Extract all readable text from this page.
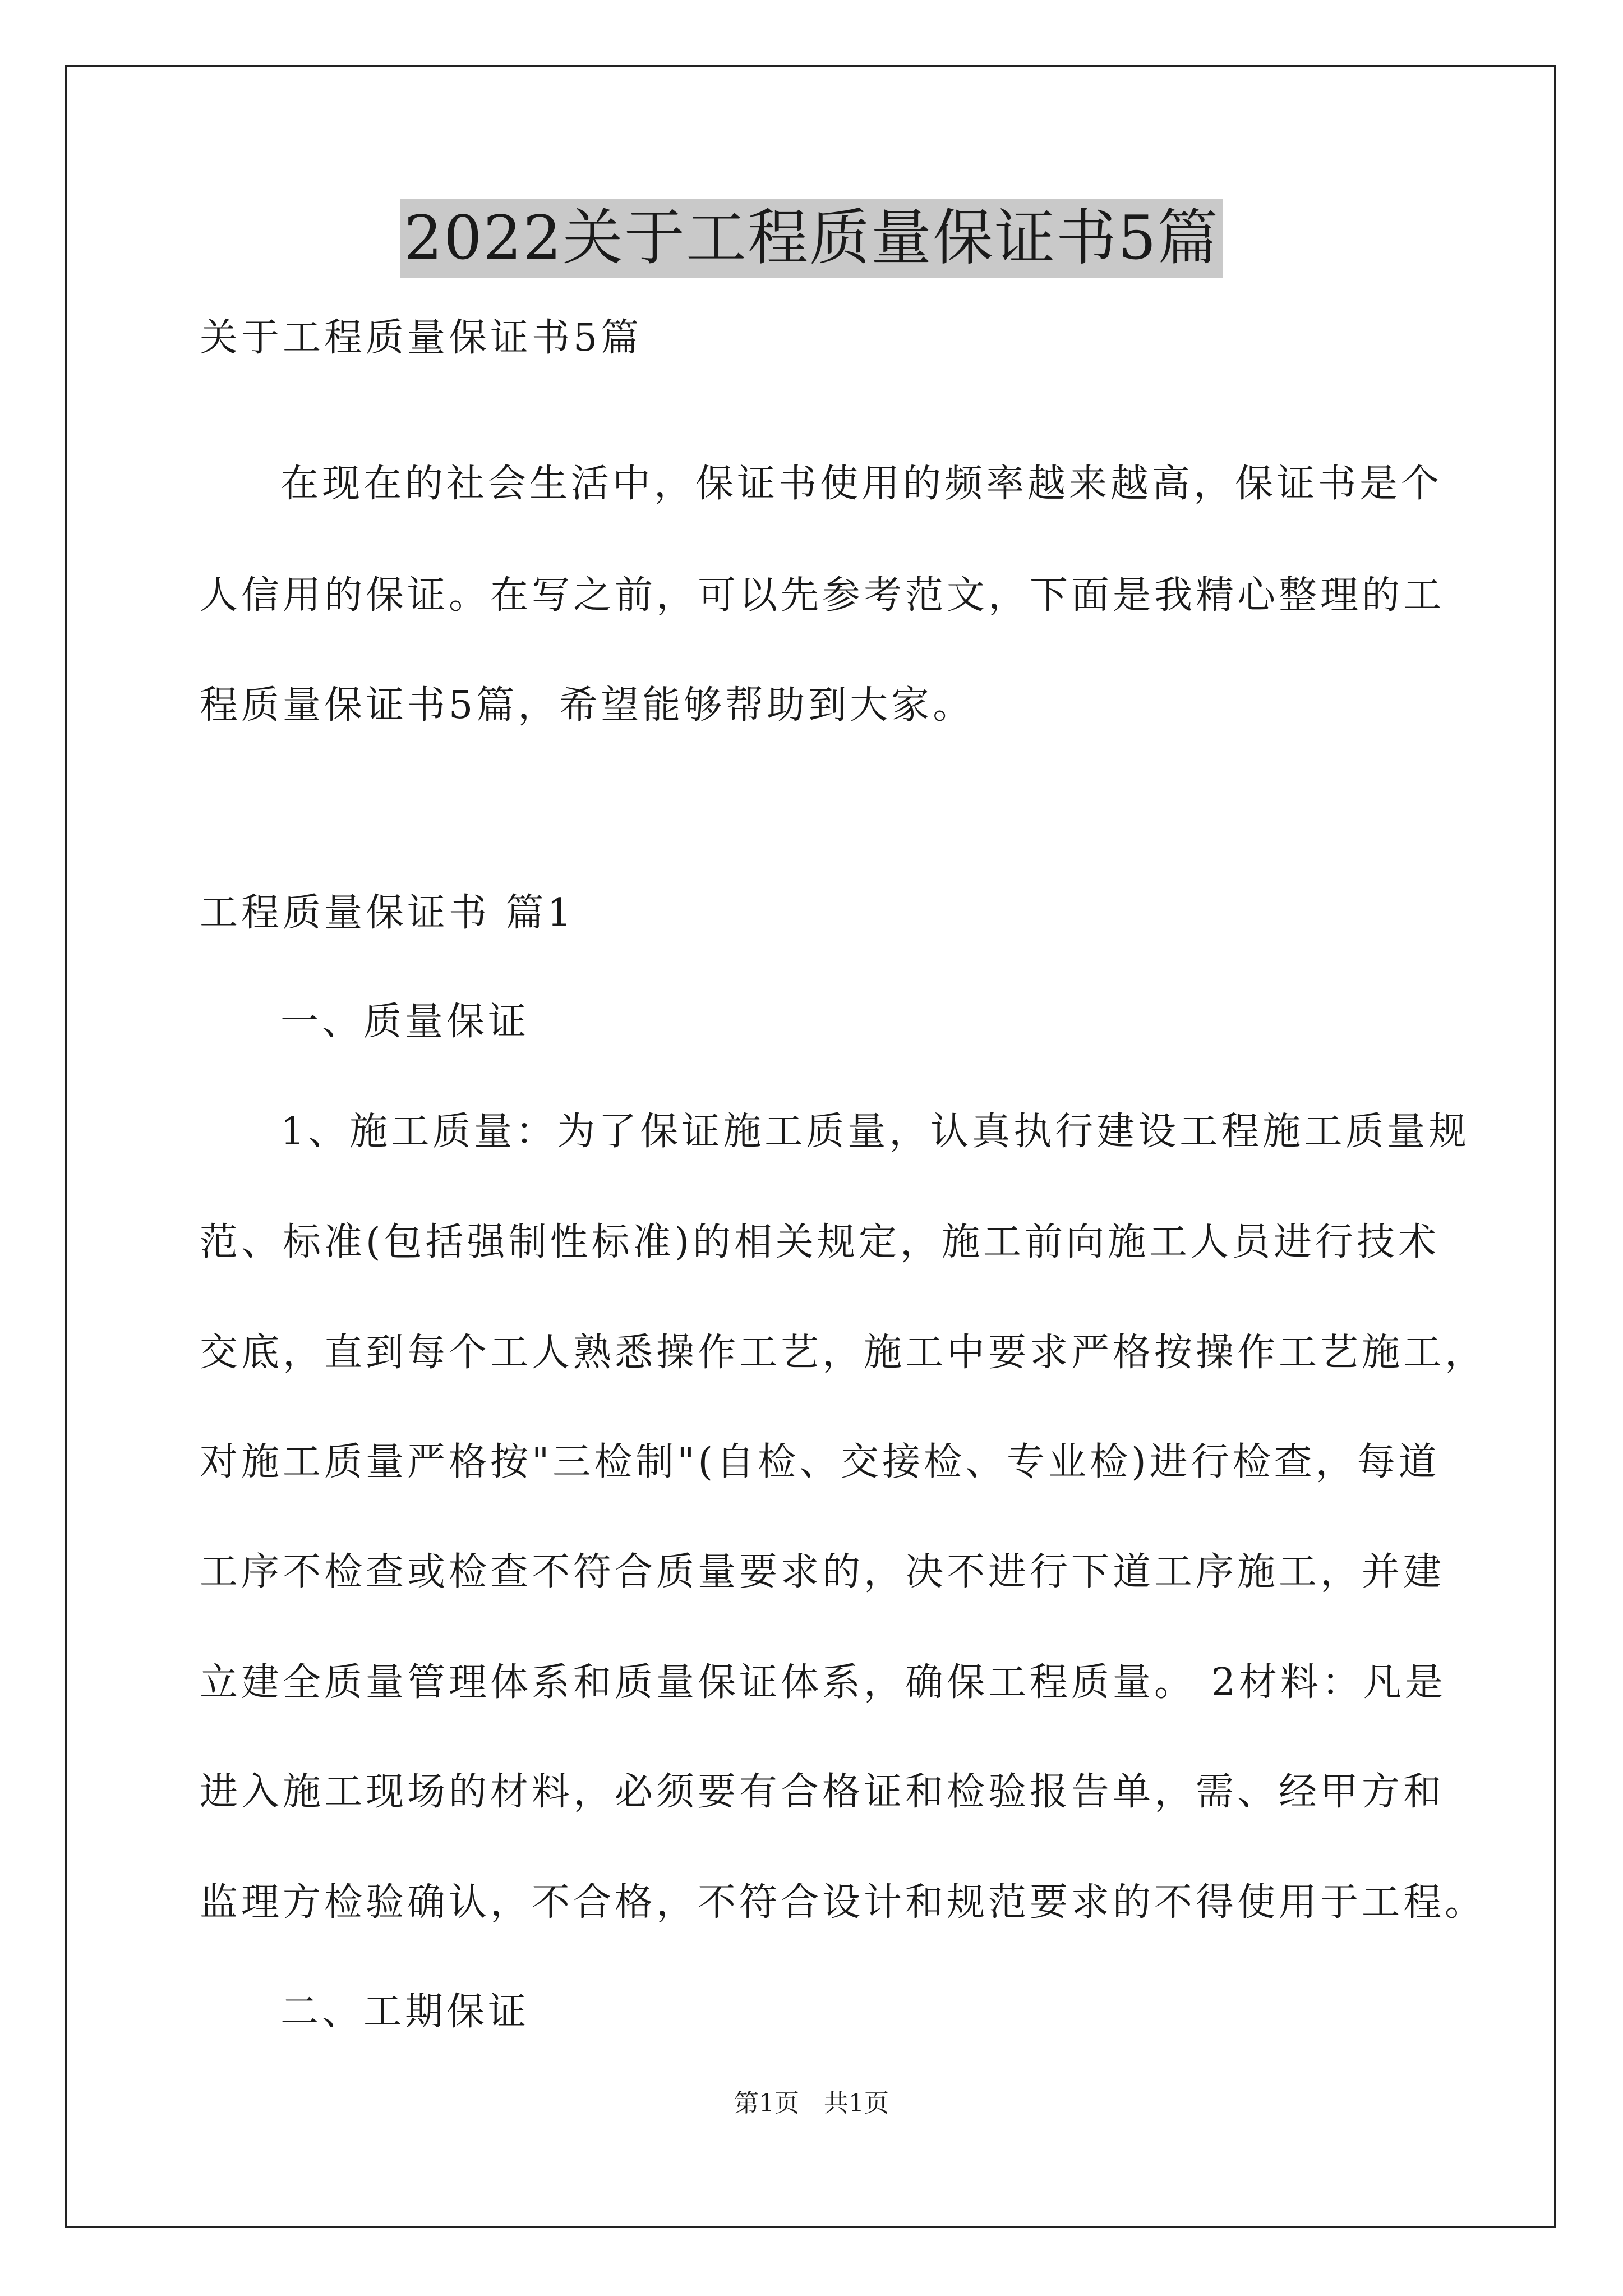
2022关于工程质量保证书5篇
关于工程质量保证书5篇
在现在的社会生活中，保证书使用的频率越来越高，保证书是个
人信用的保证。在写之前，可以先参考范文，下面是我精心整理的工
程质量保证书5篇，希望能够帮助到大家。
工程质量保证书 篇1
一、质量保证
1、施工质量：为了保证施工质量，认真执行建设工程施工质量规
范、标准(包括强制性标准)的相关规定，施工前向施工人员进行技术
交底，直到每个工人熟悉操作工艺，施工中要求严格按操作工艺施工，
对施工质量严格按"三检制"(自检、交接检、专业检)进行检查，每道
工序不检查或检查不符合质量要求的，决不进行下道工序施工，并建
立建全质量管理体系和质量保证体系，确保工程质量。 2材料：凡是
进入施工现场的材料，必须要有合格证和检验报告单，需、经甲方和
监理方检验确认，不合格，不符合设计和规范要求的不得使用于工程。
二、工期保证
第1页　共1页
